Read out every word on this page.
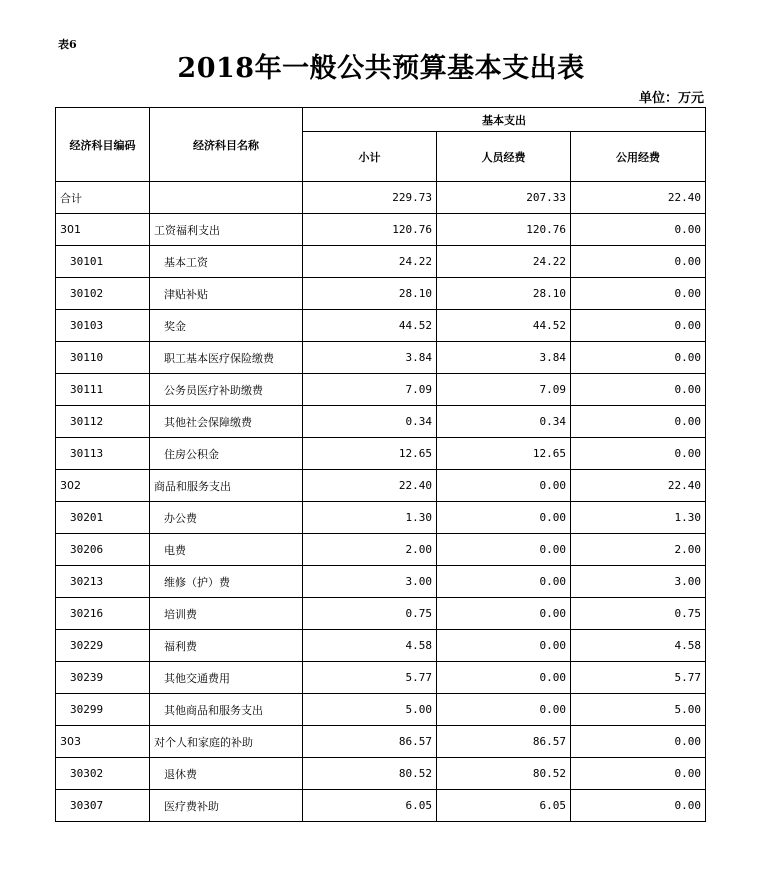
表6
2018年一般公共预算基本支出表
单位：万元
经济科目编码	经济科目名称	基本支出		
		小计	人员经费	公用经费
合计		229.73	207.33	22.40
301	工资福利支出	120.76	120.76	0.00
30101	基本工资	24.22	24.22	0.00
30102	津贴补贴	28.10	28.10	0.00
30103	奖金	44.52	44.52	0.00
30110	职工基本医疗保险缴费	3.84	3.84	0.00
30111	公务员医疗补助缴费	7.09	7.09	0.00
30112	其他社会保障缴费	0.34	0.34	0.00
30113	住房公积金	12.65	12.65	0.00
302	商品和服务支出	22.40	0.00	22.40
30201	办公费	1.30	0.00	1.30
30206	电费	2.00	0.00	2.00
30213	维修（护）费	3.00	0.00	3.00
30216	培训费	0.75	0.00	0.75
30229	福利费	4.58	0.00	4.58
30239	其他交通费用	5.77	0.00	5.77
30299	其他商品和服务支出	5.00	0.00	5.00
303	对个人和家庭的补助	86.57	86.57	0.00
30302	退休费	80.52	80.52	0.00
30307	医疗费补助	6.05	6.05	0.00
